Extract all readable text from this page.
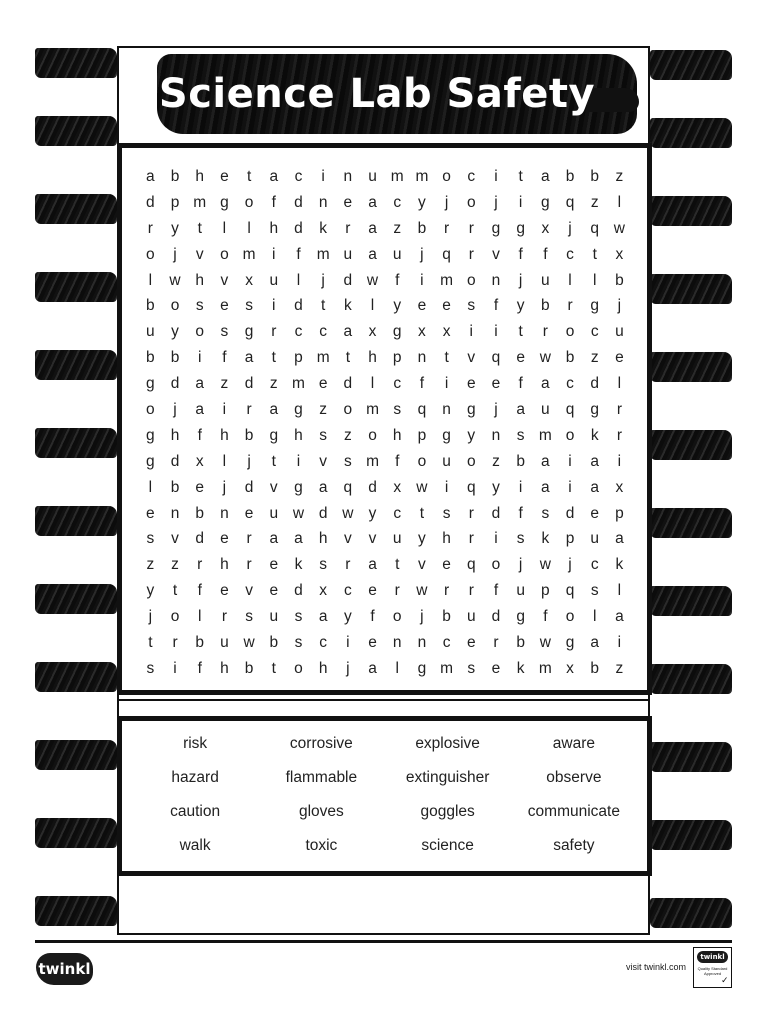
Science Lab Safety
a	b	h	e	t	a	c	i	n	u m m o	c	i	t	a	b	b	z
d	p m g	o	f	d	n	e	a	c	y	j	o	j	i	g	q	z	l
r	y	t	l	l	h	d	k	r	a	z	b	r	r	g	g	x	j	q w
o	j	v	o m	i	f	m u	a	u	j	q	r	v	f	f	c	t	x
l	w h	v	x	u	l	j	d w	f	i	m o	n	j	u	l	l	b
b	o	s	e	s	i	d	t	k	l	y	e	e	s	f	y	b	r	g	j
u	y	o	s	g	r	c	c	a	x	g	x	x	i	i	t	r	o	c	u
b	b	i	f	a	t	p m	t	h	p	n	t	v	q	e w b	z	e
g	d	a	z	d	z m e	d	l	c	f	i	e	e	f	a	c	d	l
o	j	a	i	r	a	g	z	o m s	q	n	g	j	a	u	q	g	r
g	h	f	h	b	g	h	s	z	o	h	p	g	y	n	s m o	k	r
g	d	x	l	j	t	i	v	s m	f	o	u	o	z	b	a	i	a	i
l	b	e	j	d	v	g	a	q	d	x w	i	q	y	i	a	i	a	x
e	n	b	n	e	u w d w y	c	t	s	r	d	f	s	d	e	p
s	v	d	e	r	a	a	h	v	v	u	y	h	r	i	s	k	p	u	a
z	z	r	h	r	e	k	s	r	a	t	v	e	q	o	j	w	j	c	k
y	t	f	e	v	e	d	x	c	e	r	w	r	r	f	u	p	q	s	l
j	o	l	r	s	u	s	a	y	f	o	j	b	u	d	g	f	o	l	a
t	r	b	u w b	s	c	i	e	n	n	c	e	r	b w g	a	i
s	i	f	h	b	t	o	h	j	a	l	g m s	e	k m x	b	z
risk	corrosive	explosive	aware
hazard	flammable	extinguisher	observe
caution	gloves	goggles	communicate
walk	toxic	science	safety
twinkl	visit twinkl.com
twinkl
Quality Standard Approved
✓
